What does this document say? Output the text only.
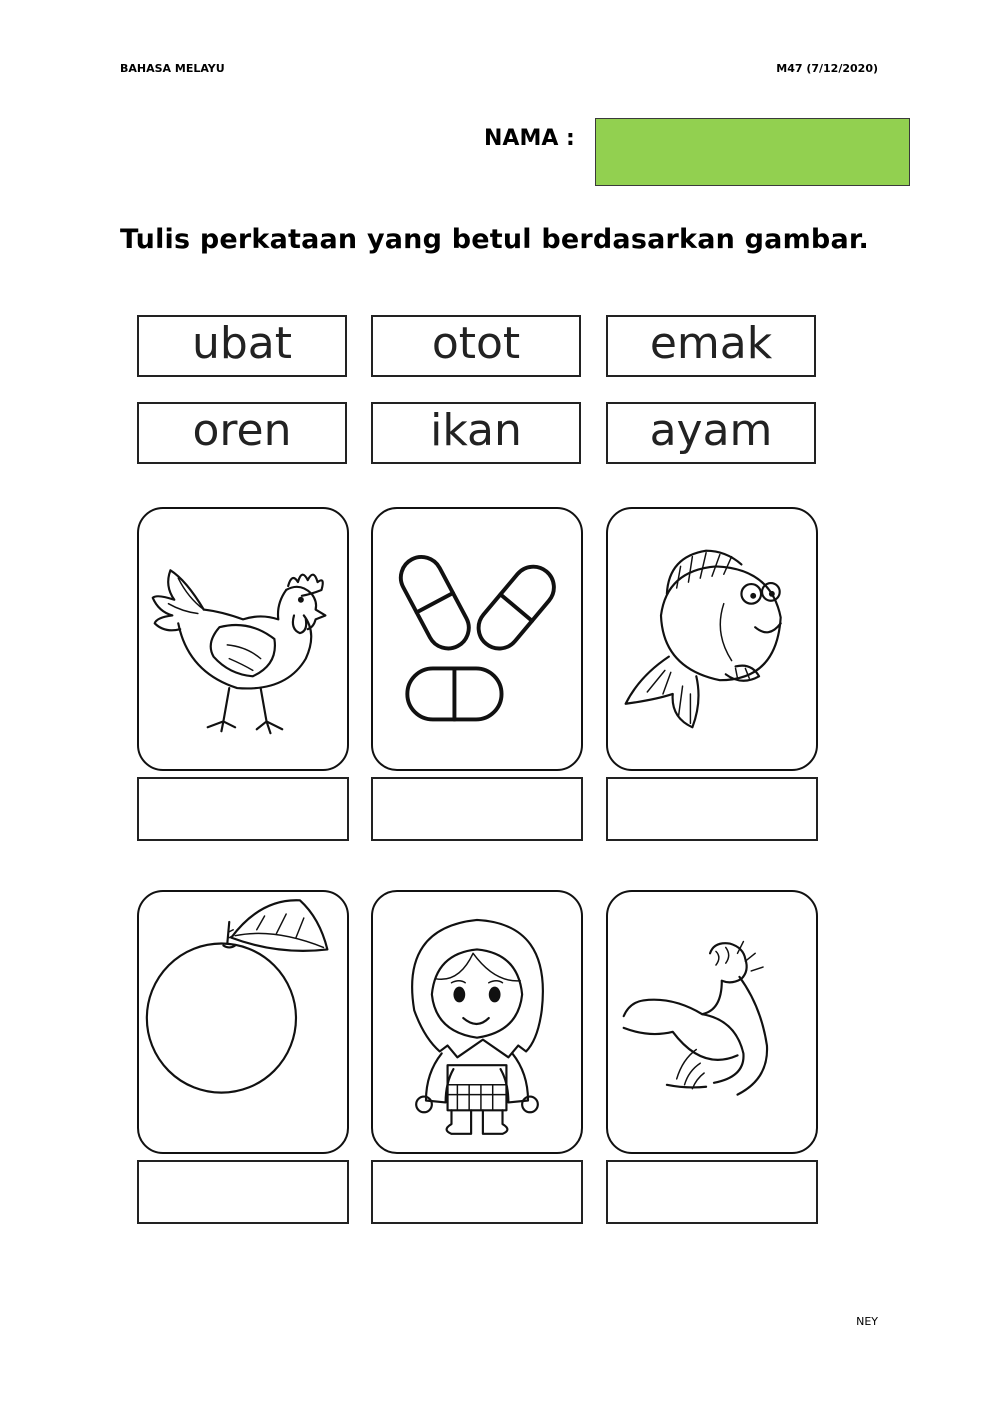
BAHASA MELAYU	M47 (7/12/2020)
NAMA :
Tulis perkataan yang betul berdasarkan gambar.
ubat	otot	emak
oren	ikan	ayam
NEY
